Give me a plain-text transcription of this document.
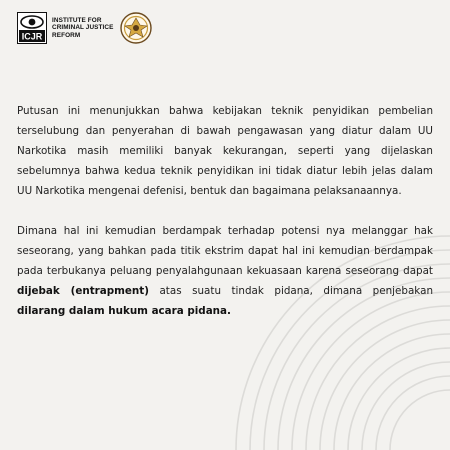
ICJR
INSTITUTE FOR
CRIMINAL JUSTICE
REFORM

Putusan ini menunjukkan bahwa kebijakan teknik penyidikan pembelian terselubung dan penyerahan di bawah pengawasan yang diatur dalam UU Narkotika masih memiliki banyak kekurangan, seperti yang dijelaskan sebelumnya bahwa kedua teknik penyidikan ini tidak diatur lebih jelas dalam UU Narkotika mengenai defenisi, bentuk dan bagaimana pelaksanaannya.

Dimana hal ini kemudian berdampak terhadap potensi nya melanggar hak seseorang, yang bahkan pada titik ekstrim dapat hal ini kemudian berdampak pada terbukanya peluang penyalahgunaan kekuasaan karena seseorang dapat dijebak (entrapment) atas suatu tindak pidana, dimana penjebakan dilarang dalam hukum acara pidana.
